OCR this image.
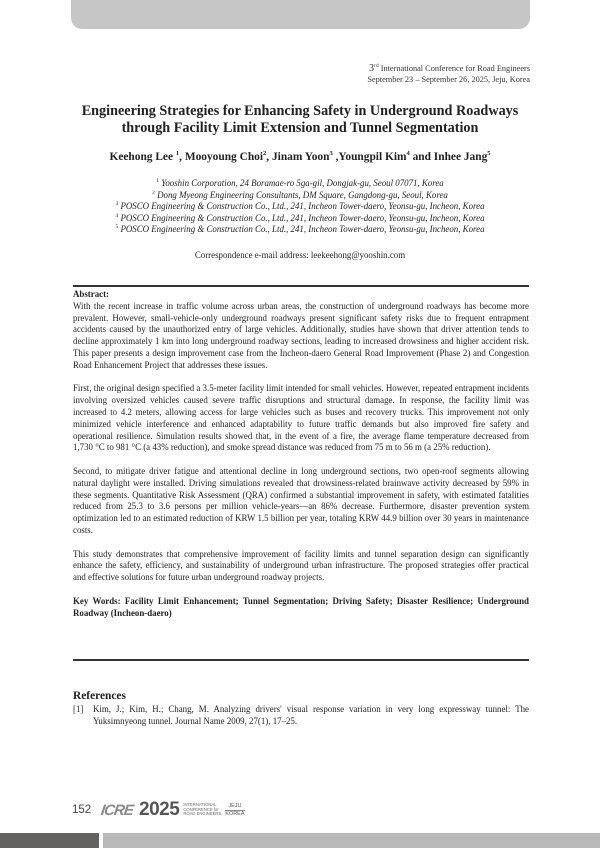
3rd International Conference for Road Engineers
September 23 – September 26, 2025, Jeju, Korea
Engineering Strategies for Enhancing Safety in Underground Roadways
through Facility Limit Extension and Tunnel Segmentation
Keehong Lee $^1$, Mooyoung Choi$^2$, Jinam Yoon$^3$ ,Youngpil Kim$^4$ and Inhee Jang$^5$
$^1$ Yooshin Corporation, 24 Boramae-ro 5ga-gil, Dongjak-gu, Seoul 07071, Korea
$^2$ Dong Myeong Engineering Consultants, DM Square, Gangdong-gu, Seoul, Korea
$^3$ POSCO Engineering & Construction Co., Ltd., 241, Incheon Tower-daero, Yeonsu-gu, Incheon, Korea
$^4$ POSCO Engineering & Construction Co., Ltd., 241, Incheon Tower-daero, Yeonsu-gu, Incheon, Korea
$^5$ POSCO Engineering & Construction Co., Ltd., 241, Incheon Tower-daero, Yeonsu-gu, Incheon, Korea
Correspondence e-mail address: leekeehong@yooshin.com
Abstract:

With the recent increase in traffic volume across urban areas, the construction of underground roadways has become more prevalent. However, small-vehicle-only underground roadways present significant safety risks due to frequent entrapment accidents caused by the unauthorized entry of large vehicles. Additionally, studies have shown that driver attention tends to decline approximately 1 km into long underground roadway sections, leading to increased drowsiness and higher accident risk. This paper presents a design improvement case from the Incheon-daero General Road Improvement (Phase 2) and Congestion Road Enhancement Project that addresses these issues.

First, the original design specified a 3.5-meter facility limit intended for small vehicles. However, repeated entrapment incidents involving oversized vehicles caused severe traffic disruptions and structural damage. In response, the facility limit was increased to 4.2 meters, allowing access for large vehicles such as buses and recovery trucks. This improvement not only minimized vehicle interference and enhanced adaptability to future traffic demands but also improved fire safety and operational resilience. Simulation results showed that, in the event of a fire, the average flame temperature decreased from 1,730 °C to 981 °C (a 43% reduction), and smoke spread distance was reduced from 75 m to 56 m (a 25% reduction).

Second, to mitigate driver fatigue and attentional decline in long underground sections, two open-roof segments allowing natural daylight were installed. Driving simulations revealed that drowsiness-related brainwave activity decreased by 59% in these segments. Quantitative Risk Assessment (QRA) confirmed a substantial improvement in safety, with estimated fatalities reduced from 25.3 to 3.6 persons per million vehicle-years—an 86% decrease. Furthermore, disaster prevention system optimization led to an estimated reduction of KRW 1.5 billion per year, totaling KRW 44.9 billion over 30 years in maintenance costs.

This study demonstrates that comprehensive improvement of facility limits and tunnel separation design can significantly enhance the safety, efficiency, and sustainability of underground urban infrastructure. The proposed strategies offer practical and effective solutions for future urban underground roadway projects.

Key Words: Facility Limit Enhancement; Tunnel Segmentation; Driving Safety; Disaster Resilience; Underground Roadway (Incheon-daero)

References
[1]	Kim, J.; Kim, H.; Chang, M. Analyzing drivers' visual response variation in very long expressway tunnel: The Yuksimnyeong tunnel. Journal Name 2009, 27(1), 17–25.
152 ICRE 2025 INTERNATIONAL
CONFERENCE for
ROAD ENGINEERS
JEJU
KOREA
